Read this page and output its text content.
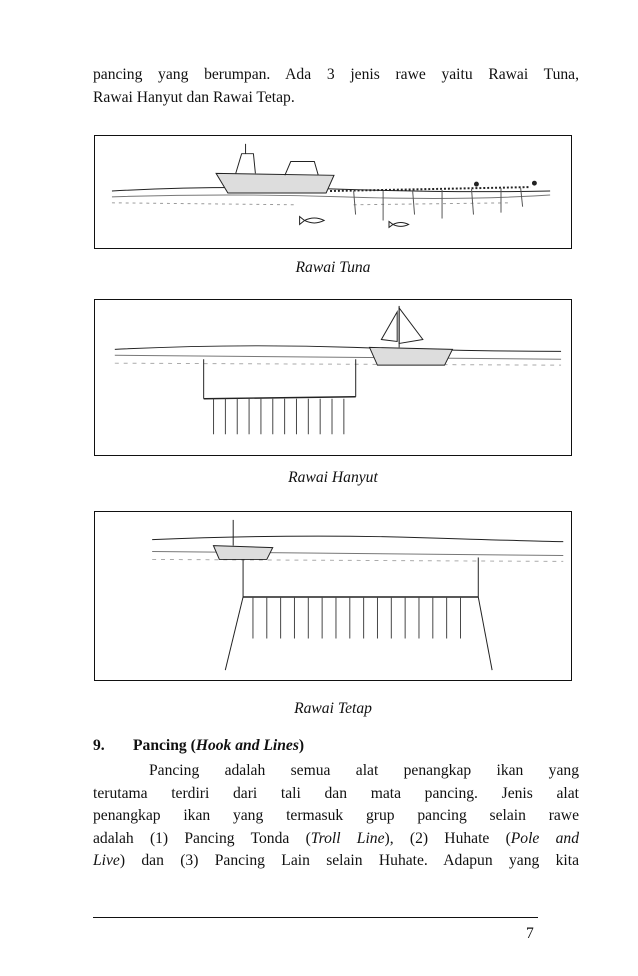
pancing yang berumpan. Ada 3 jenis rawe yaitu Rawai Tuna,
Rawai Hanyut dan Rawai Tetap.

Rawai Tuna
Rawai Hanyut
Rawai Tetap
9. Pancing (Hook and Lines)

Pancing adalah semua alat penangkap ikan yang
terutama terdiri dari tali dan mata pancing. Jenis alat
penangkap ikan yang termasuk grup pancing selain rawe
adalah (1) Pancing Tonda (Troll Line), (2) Huhate (Pole and
Live) dan (3) Pancing Lain selain Huhate. Adapun yang kita

7
